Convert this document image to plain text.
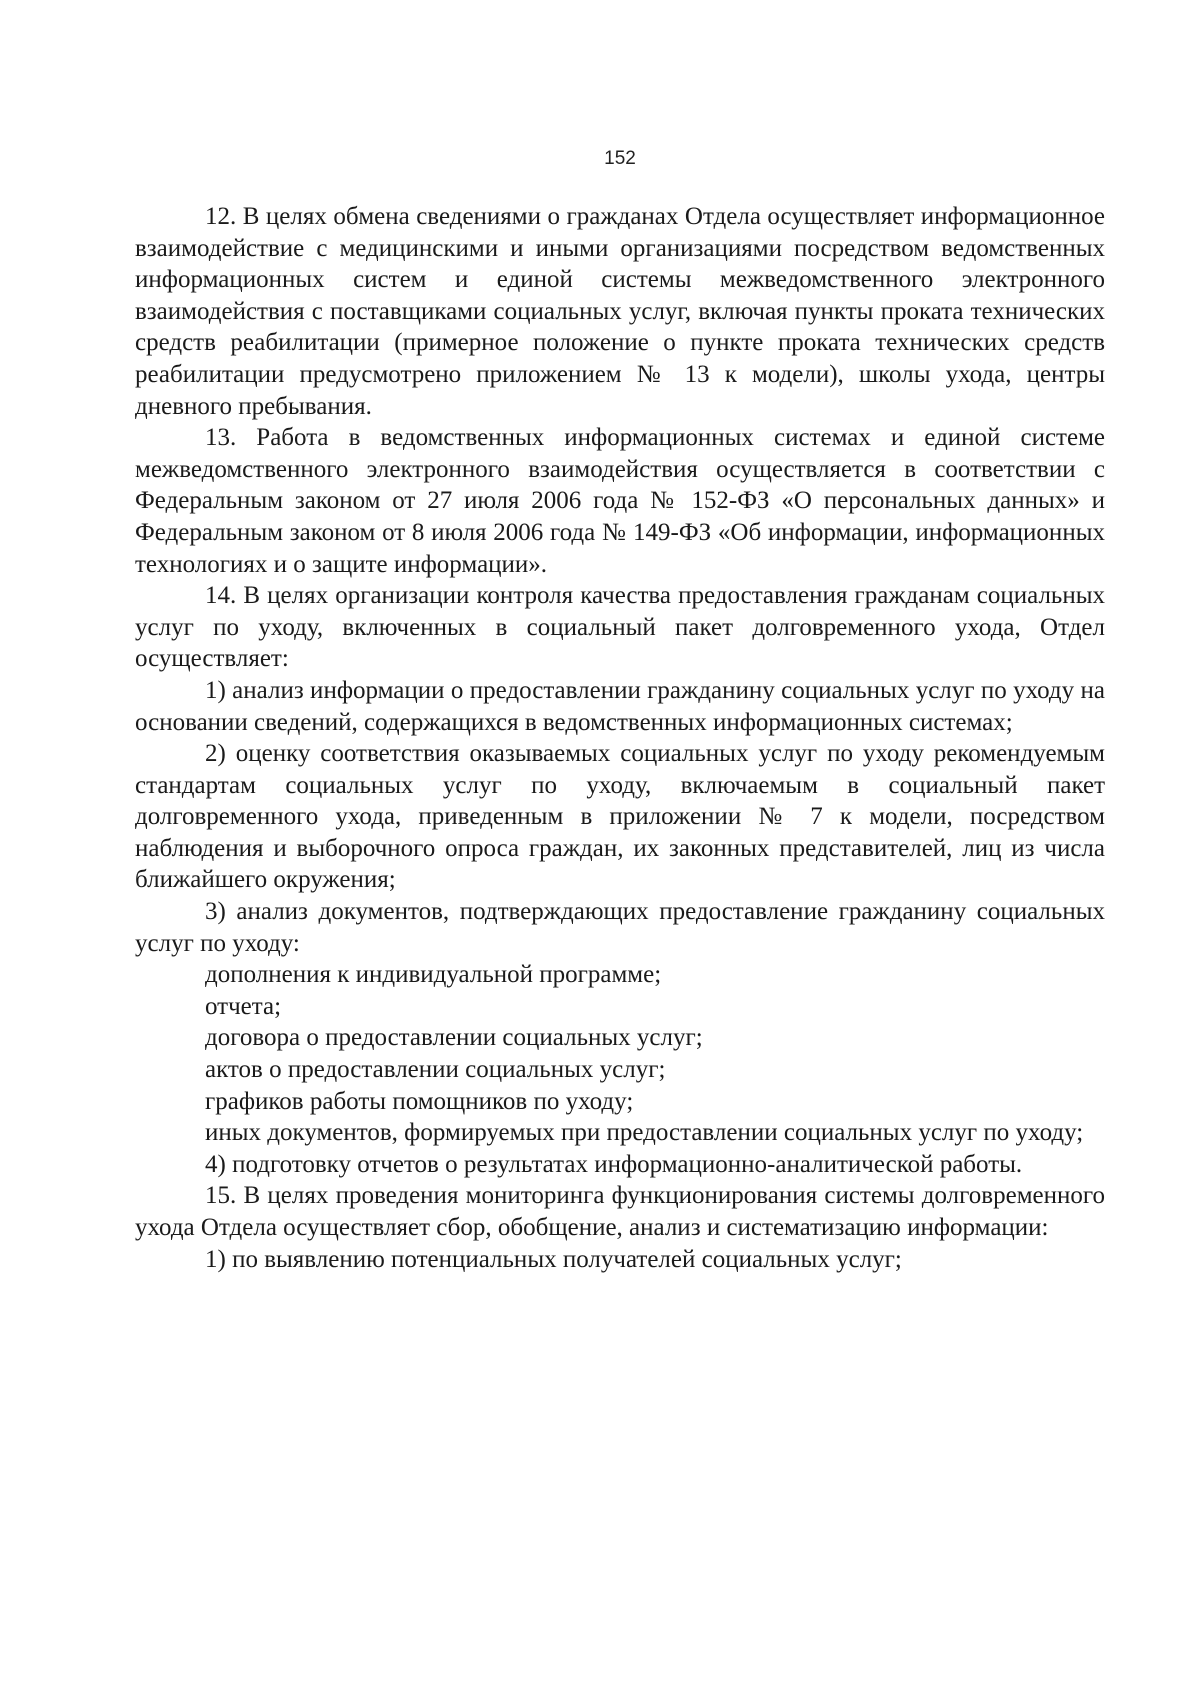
152

12. В целях обмена сведениями о гражданах Отдела осуществляет информационное взаимодействие с медицинскими и иными организациями посредством ведомственных информационных систем и единой системы межведомственного электронного взаимодействия с поставщиками социальных услуг, включая пункты проката технических средств реабилитации (примерное положение о пункте проката технических средств реабилитации предусмотрено приложением № 13 к модели), школы ухода, центры дневного пребывания.

13. Работа в ведомственных информационных системах и единой системе межведомственного электронного взаимодействия осуществляется в соответствии с Федеральным законом от 27 июля 2006 года № 152-ФЗ «О персональных данных» и Федеральным законом от 8 июля 2006 года № 149-ФЗ «Об информации, информационных технологиях и о защите информации».

14. В целях организации контроля качества предоставления гражданам социальных услуг по уходу, включенных в социальный пакет долговременного ухода, Отдел осуществляет:

1) анализ информации о предоставлении гражданину социальных услуг по уходу на основании сведений, содержащихся в ведомственных информационных системах;

2) оценку соответствия оказываемых социальных услуг по уходу рекомендуемым стандартам социальных услуг по уходу, включаемым в социальный пакет долговременного ухода, приведенным в приложении № 7 к модели, посредством наблюдения и выборочного опроса граждан, их законных представителей, лиц из числа ближайшего окружения;

3) анализ документов, подтверждающих предоставление гражданину социальных услуг по уходу:

дополнения к индивидуальной программе;

отчета;

договора о предоставлении социальных услуг;

актов о предоставлении социальных услуг;

графиков работы помощников по уходу;

иных документов, формируемых при предоставлении социальных услуг по уходу;

4) подготовку отчетов о результатах информационно-аналитической работы.

15. В целях проведения мониторинга функционирования системы долговременного ухода Отдела осуществляет сбор, обобщение, анализ и систематизацию информации:

1) по выявлению потенциальных получателей социальных услуг;
